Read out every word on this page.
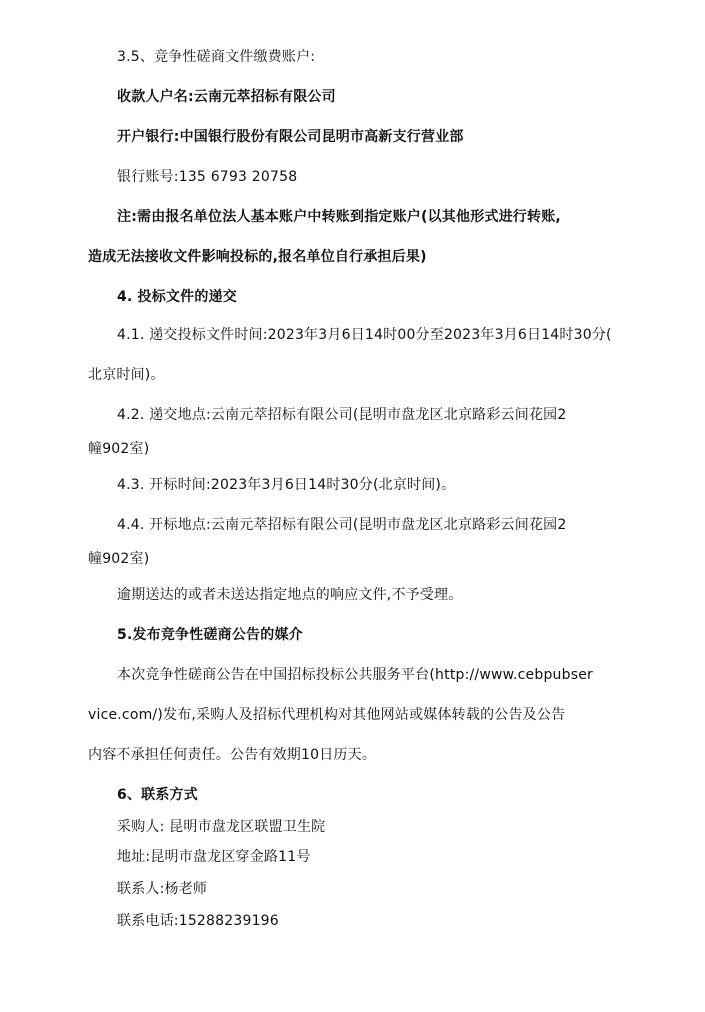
3.5、竞争性磋商文件缴费账户:

收款人户名:云南元萃招标有限公司

开户银行:中国银行股份有限公司昆明市高新支行营业部

银行账号:135 6793 20758

注:需由报名单位法人基本账户中转账到指定账户(以其他形式进行转账,

造成无法接收文件影响投标的,报名单位自行承担后果)

4. 投标文件的递交

4.1. 递交投标文件时间:2023年3月6日14时00分至2023年3月6日14时30分(

北京时间)。

4.2. 递交地点:云南元萃招标有限公司(昆明市盘龙区北京路彩云间花园2

幢902室)

4.3. 开标时间:2023年3月6日14时30分(北京时间)。

4.4. 开标地点:云南元萃招标有限公司(昆明市盘龙区北京路彩云间花园2

幢902室)

逾期送达的或者未送达指定地点的响应文件,不予受理。

5.发布竞争性磋商公告的媒介

本次竞争性磋商公告在中国招标投标公共服务平台(http://www.cebpubser

vice.com/)发布,采购人及招标代理机构对其他网站或媒体转载的公告及公告

内容不承担任何责任。公告有效期10日历天。

6、联系方式

采购人: 昆明市盘龙区联盟卫生院

地址:昆明市盘龙区穿金路11号

联系人:杨老师

联系电话:15288239196
